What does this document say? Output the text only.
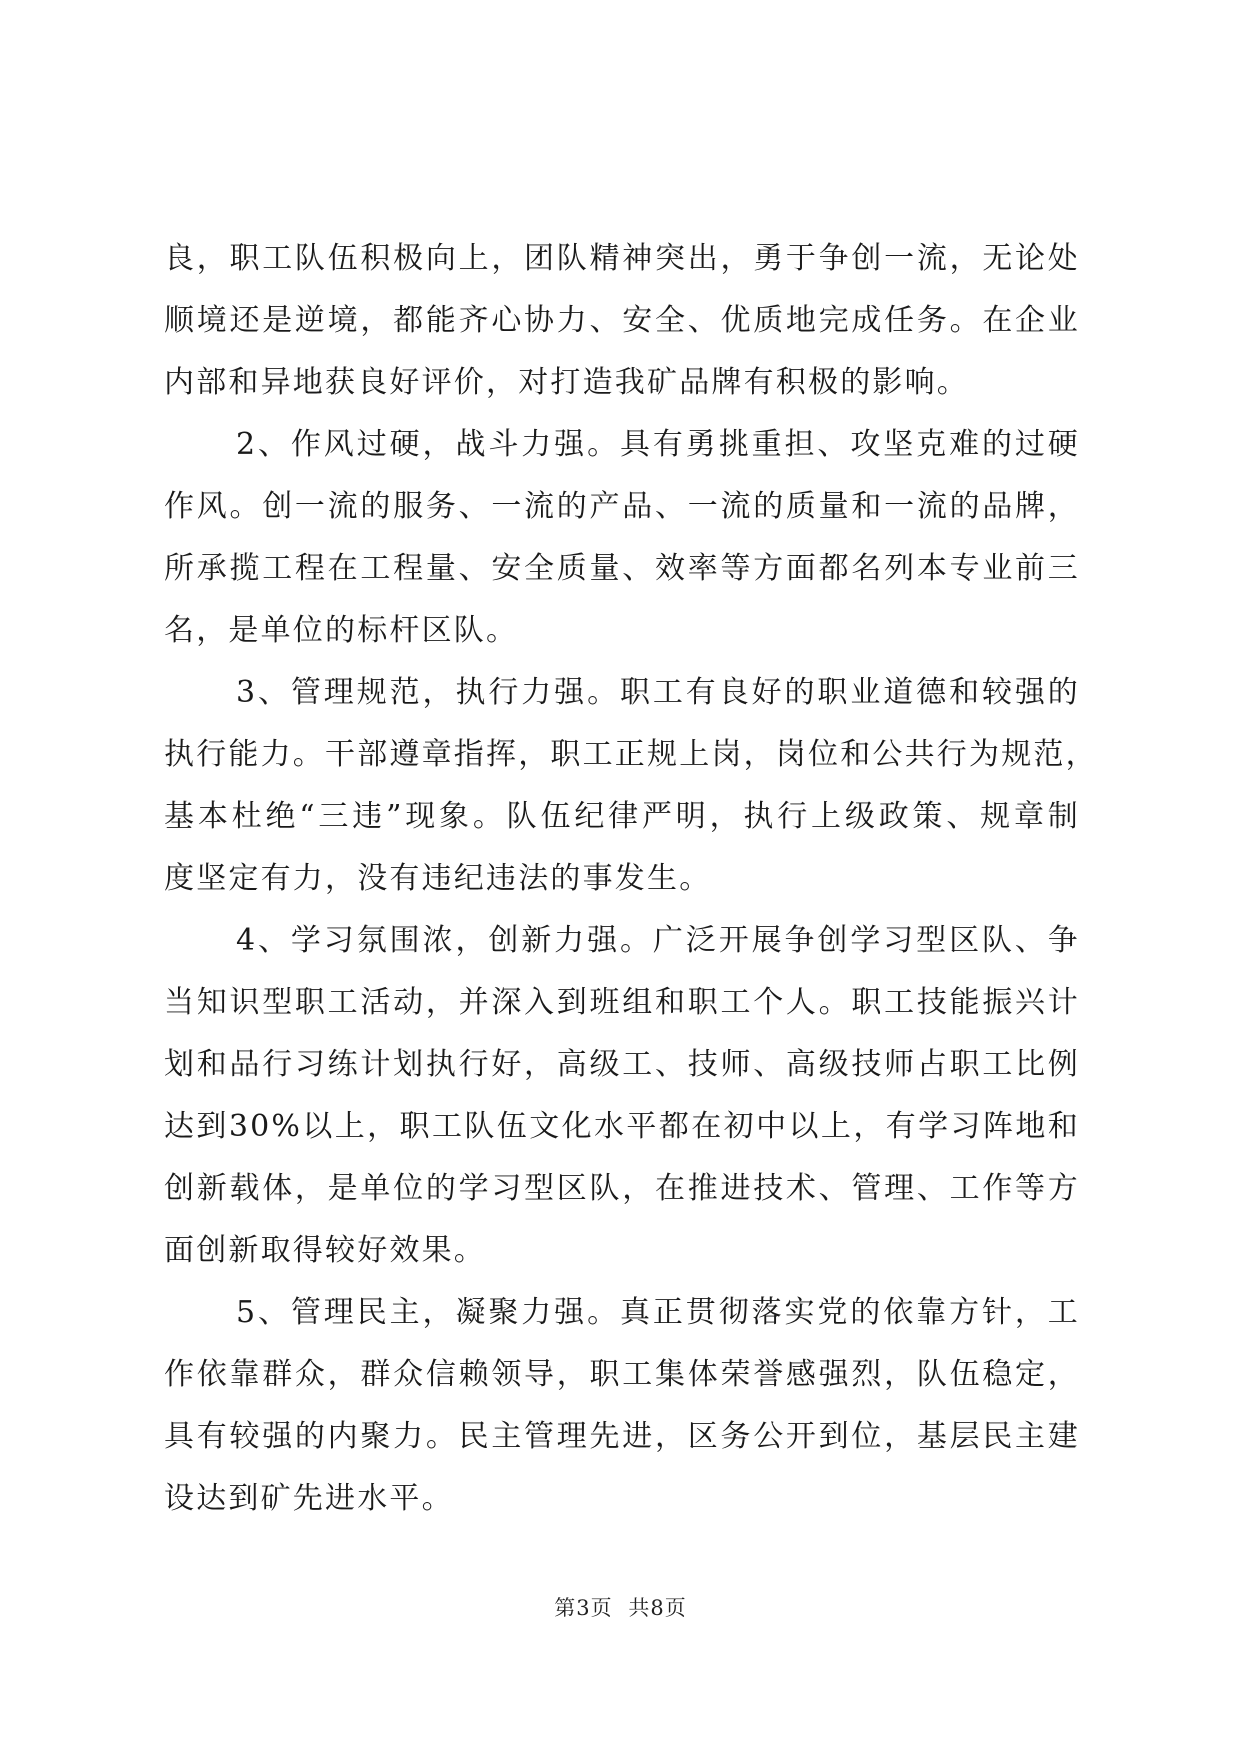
良，职工队伍积极向上，团队精神突出，勇于争创一流，无论处
顺境还是逆境，都能齐心协力、安全、优质地完成任务。在企业
内部和异地获良好评价，对打造我矿品牌有积极的影响。
2、作风过硬，战斗力强。具有勇挑重担、攻坚克难的过硬
作风。创一流的服务、一流的产品、一流的质量和一流的品牌，
所承揽工程在工程量、安全质量、效率等方面都名列本专业前三
名，是单位的标杆区队。
3、管理规范，执行力强。职工有良好的职业道德和较强的
执行能力。干部遵章指挥，职工正规上岗，岗位和公共行为规范，
基本杜绝“三违”现象。队伍纪律严明，执行上级政策、规章制
度坚定有力，没有违纪违法的事发生。
4、学习氛围浓，创新力强。广泛开展争创学习型区队、争
当知识型职工活动，并深入到班组和职工个人。职工技能振兴计
划和品行习练计划执行好，高级工、技师、高级技师占职工比例
达到30%以上，职工队伍文化水平都在初中以上，有学习阵地和
创新载体，是单位的学习型区队，在推进技术、管理、工作等方
面创新取得较好效果。
5、管理民主，凝聚力强。真正贯彻落实党的依靠方针，工
作依靠群众，群众信赖领导，职工集体荣誉感强烈，队伍稳定，
具有较强的内聚力。民主管理先进，区务公开到位，基层民主建
设达到矿先进水平。
第3页 共8页
